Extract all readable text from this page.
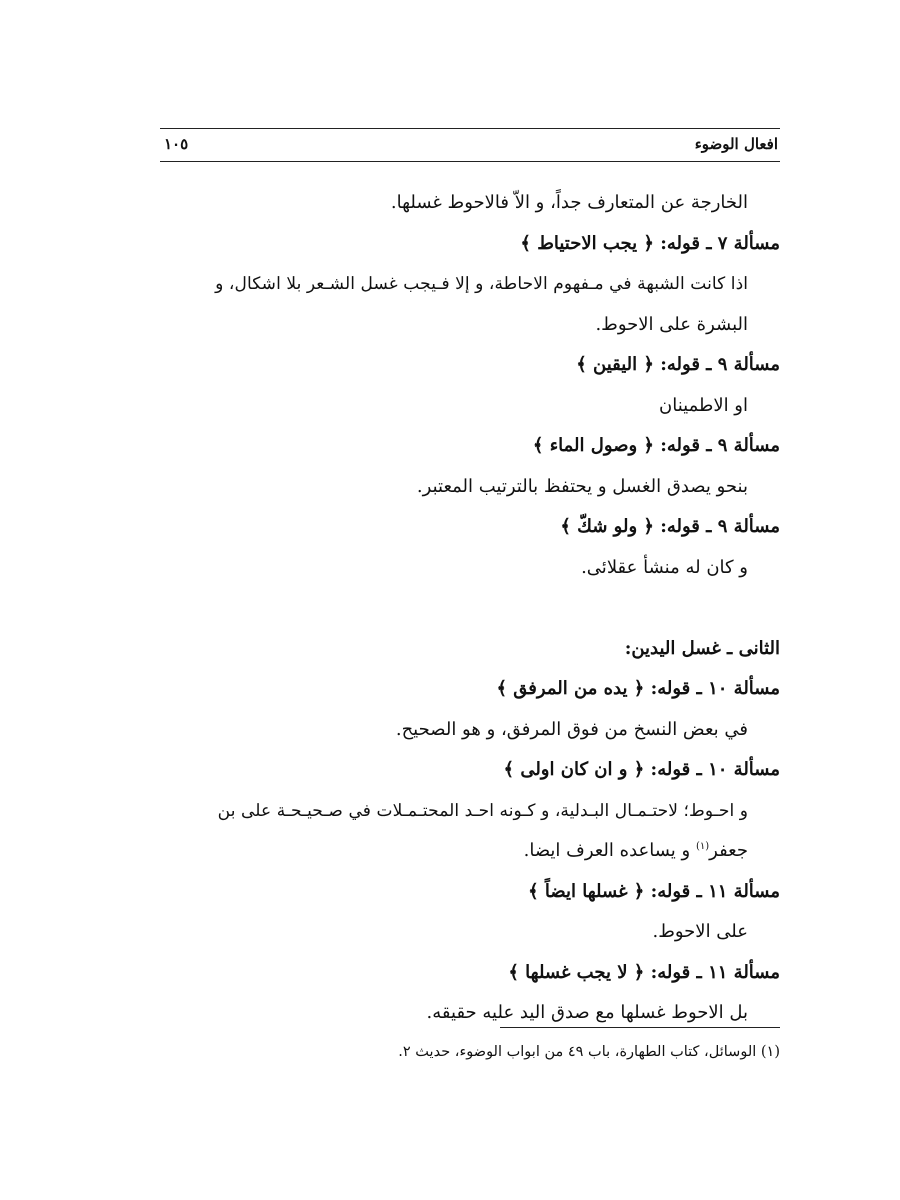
افعال الوضوء
١٠٥
الخارجة عن المتعارف جداً، و الاّ فالاحوط غسلها.
مسألة ٧ ـ قوله: ﴿ يجب الاحتياط ﴾
اذا كانت الشبهة في مـفهوم الاحاطة، و إلا فـيجب غسل الشـعر بلا اشكال، و
البشرة على الاحوط.
مسألة ٩ ـ قوله: ﴿ اليقين ﴾
او الاطمينان
مسألة ٩ ـ قوله: ﴿ وصول الماء ﴾
بنحو يصدق الغسل و يحتفظ بالترتيب المعتبر.
مسألة ٩ ـ قوله: ﴿ ولو شكّ ﴾
و كان له منشأ عقلائى.
الثانى ـ غسل اليدين:
مسألة ١٠ ـ قوله: ﴿ يده من المرفق ﴾
في بعض النسخ من فوق المرفق، و هو الصحيح.
مسألة ١٠ ـ قوله: ﴿ و ان كان اولى ﴾
و احـوط؛ لاحتـمـال البـدلية، و كـونه احـد المحتـمـلات في صـحيـحـة على بن
جعفر$^{(١)}$ و يساعده العرف ايضا.
مسألة ١١ ـ قوله: ﴿ غسلها ايضاً ﴾
على الاحوط.
مسألة ١١ ـ قوله: ﴿ لا يجب غسلها ﴾
بل الاحوط غسلها مع صدق اليد عليه حقيقه.
(١) الوسائل، كتاب الطهارة، باب ٤٩ من ابواب الوضوء، حديث ٢.
